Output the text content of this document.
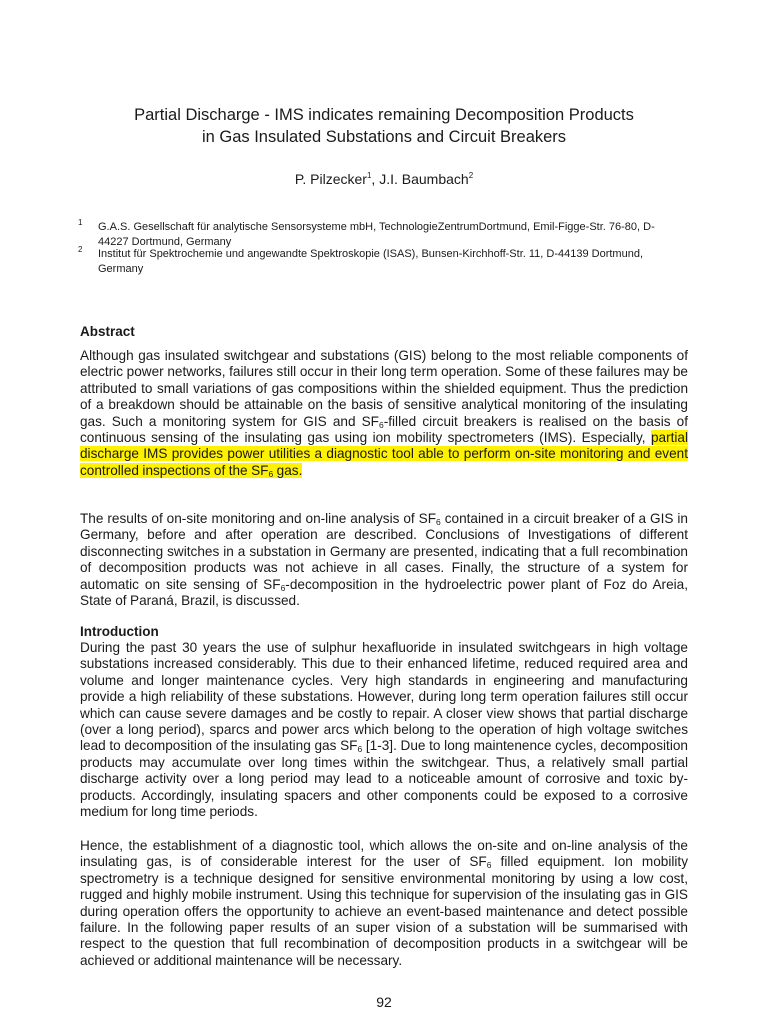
Partial Discharge - IMS indicates remaining Decomposition Products
in Gas Insulated Substations and Circuit Breakers
P. Pilzecker$^1$, J.I. Baumbach$^2$
1 G.A.S. Gesellschaft für analytische Sensorsysteme mbH, TechnologieZentrumDortmund, Emil-Figge-Str. 76-80, D-44227 Dortmund, Germany
2 Institut für Spektrochemie und angewandte Spektroskopie (ISAS), Bunsen-Kirchhoff-Str. 11, D-44139 Dortmund, Germany
Abstract

Although gas insulated switchgear and substations (GIS) belong to the most reliable components of electric power networks, failures still occur in their long term operation. Some of these failures may be attributed to small variations of gas compositions within the shielded equipment. Thus the prediction of a breakdown should be attainable on the basis of sensitive analytical monitoring of the insulating gas. Such a monitoring system for GIS and $SF_6$-filled circuit breakers is realised on the basis of continuous sensing of the insulating gas using ion mobility spectrometers (IMS). Especially, partial discharge IMS provides power utilities a diagnostic tool able to perform on-site monitoring and event controlled inspections of the $SF_6$ gas.

The results of on-site monitoring and on-line analysis of $SF_6$ contained in a circuit breaker of a GIS in Germany, before and after operation are described. Conclusions of Investigations of different disconnecting switches in a substation in Germany are presented, indicating that a full recombination of decomposition products was not achieve in all cases. Finally, the structure of a system for automatic on site sensing of $SF_6$-decomposition in the hydroelectric power plant of Foz do Areia, State of Paraná, Brazil, is discussed.

Introduction

During the past 30 years the use of sulphur hexafluoride in insulated switchgears in high voltage substations increased considerably. This due to their enhanced lifetime, reduced required area and volume and longer maintenance cycles. Very high standards in engineering and manufacturing provide a high reliability of these substations. However, during long term operation failures still occur which can cause severe damages and be costly to repair. A closer view shows that partial discharge (over a long period), sparcs and power arcs which belong to the operation of high voltage switches lead to decomposition of the insulating gas $SF_6$ [1-3]. Due to long maintenence cycles, decomposition products may accumulate over long times within the switchgear. Thus, a relatively small partial discharge activity over a long period may lead to a noticeable amount of corrosive and toxic by-products. Accordingly, insulating spacers and other components could be exposed to a corrosive medium for long time periods.

Hence, the establishment of a diagnostic tool, which allows the on-site and on-line analysis of the insulating gas, is of considerable interest for the user of $SF_6$ filled equipment. Ion mobility spectrometry is a technique designed for sensitive environmental monitoring by using a low cost, rugged and highly mobile instrument. Using this technique for supervision of the insulating gas in GIS during operation offers the opportunity to achieve an event-based maintenance and detect possible failure. In the following paper results of an super vision of a substation will be summarised with respect to the question that full recombination of decomposition products in a switchgear will be achieved or additional maintenance will be necessary.

92
